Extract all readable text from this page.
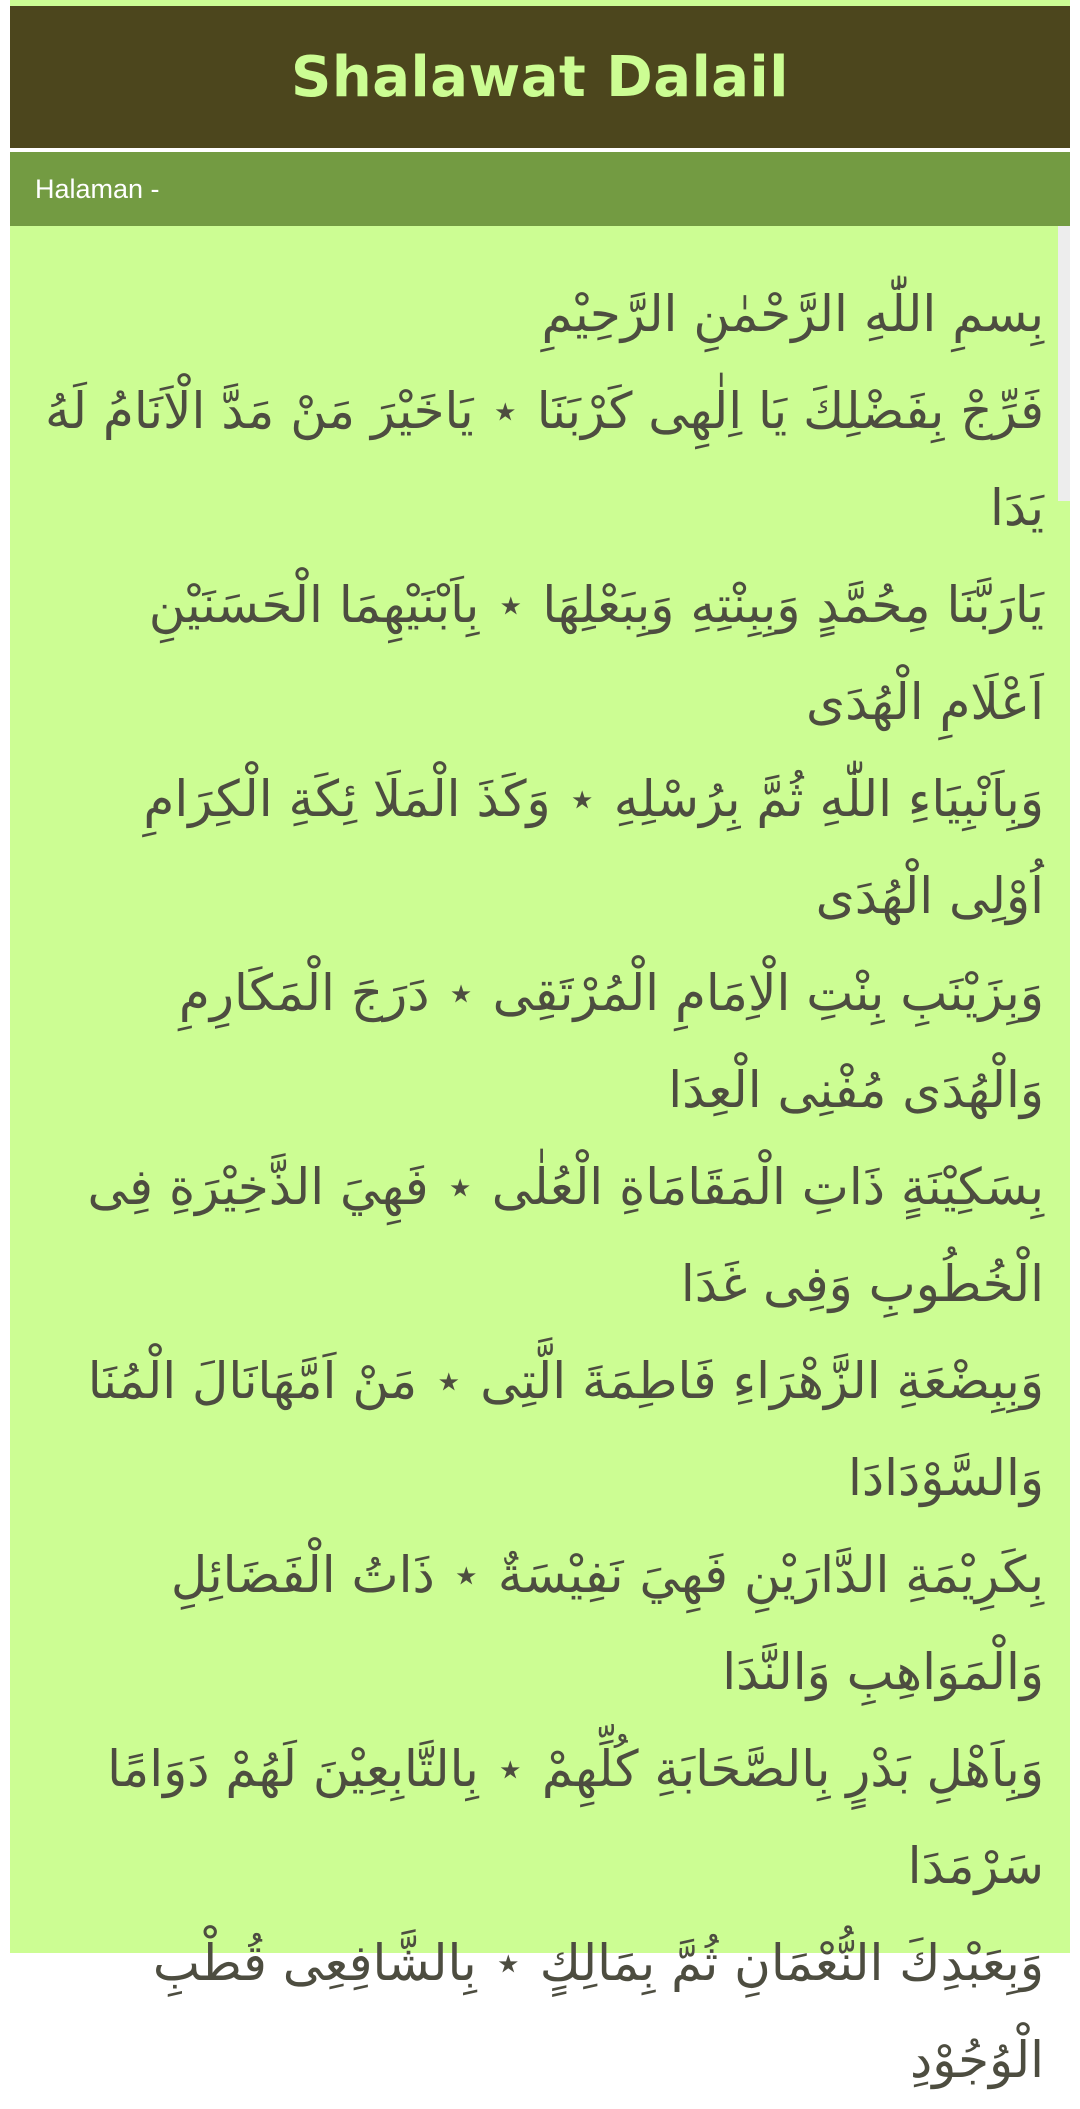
Shalawat Dalail
Halaman -

بِسمِ اللّٰهِ الرَّحْمٰنِ الرَّحِيْمِ

فَرِّجْ بِفَضْلِكَ يَا اِلٰهِى كَرْبَنَا ⋆ يَاخَيْرَ مَنْ مَدَّ الْاَنَامُ لَهُ يَدَا

يَارَبَّنَا مِحُمَّدٍ وَبِبِنْتِهِ وَبِبَعْلِهَا ⋆ بِاَبْنَيْهِمَا الْحَسَنَيْنِ اَعْلَامِ الْهُدَى

وَبِاَنْبِيَاءِ اللّٰهِ ثُمَّ بِرُسْلِهِ ⋆ وَكَذَ الْمَلَا ئِكَةِ الْكِرَامِ اُوْلِى الْهُدَى

وَبِزَيْنَبِ بِنْتِ الْاِمَامِ الْمُرْتَقِى ⋆ دَرَجَ الْمَكَارِمِ وَالْهُدَى مُفْنِى الْعِدَا

بِسَكِيْنَةٍ ذَاتِ الْمَقَامَاةِ الْعُلٰى ⋆ فَهِيَ الذَّخِيْرَةِ فِى الْخُطُوبِ وَفِى غَدَا

وَبِبِضْعَةِ الزَّهْرَاءِ فَاطِمَةَ الَّتِى ⋆ مَنْ اَمَّهَانَالَ الْمُنَا وَالسَّوْدَادَا

بِكَرِيْمَةِ الدَّارَيْنِ فَهِيَ نَفِيْسَةٌ ⋆ ذَاتُ الْفَضَائِلِ وَالْمَوَاهِبِ وَالنَّدَا

وَبِاَهْلِ بَدْرٍ بِالصَّحَابَةِ كُلِّهِمْ ⋆ بِالتَّابِعِيْنَ لَهُمْ دَوَامًا سَرْمَدَا

وَبِعَبْدِكَ النُّعْمَانِ ثُمَّ بِمَالِكٍ ⋆ بِالشَّافِعِى قُطْبِ الْوُجُوْدِ
